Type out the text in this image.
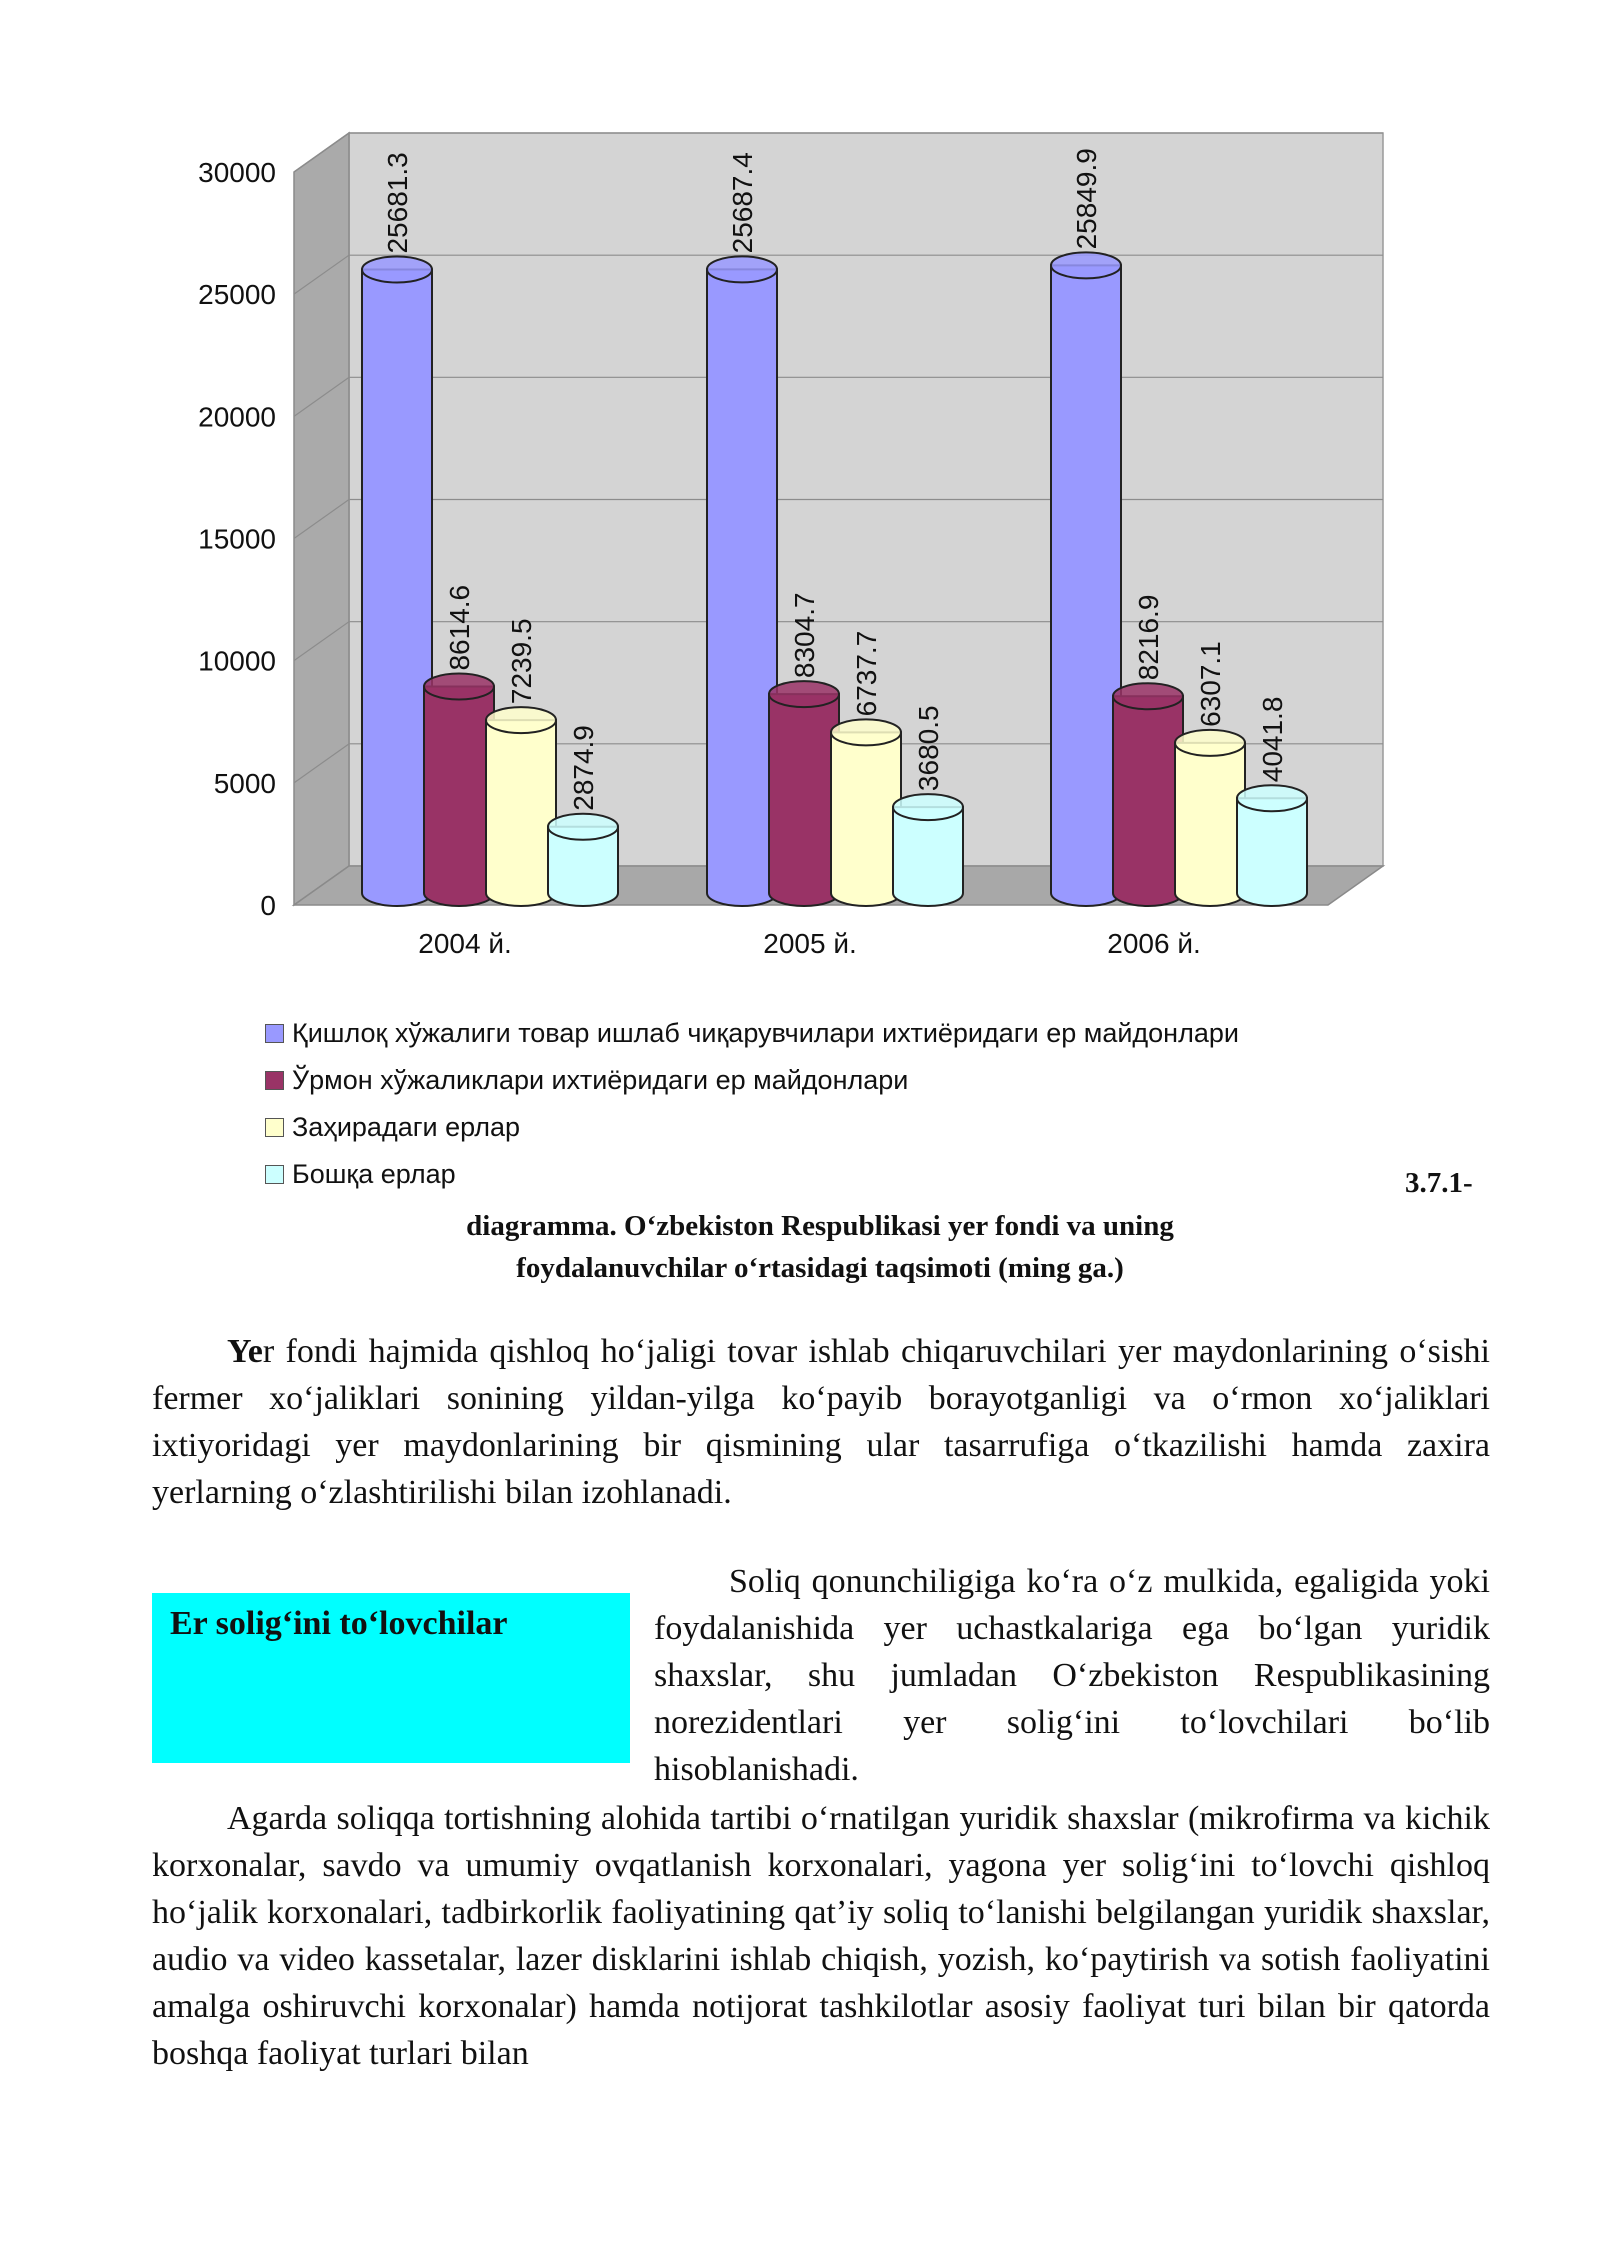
0
5000
10000
15000
20000
25000
30000	25681.3
8614.6 7239.5
2874.9
25687.4
8304.7 6737.7
3680.5
25849.9
8216.9
6307.1
4041.8
2004 й.	2005 й.	2006 й.
Қишлоқ хўжалиги товар ишлаб чиқарувчилари ихтиёридаги ер майдонлари
Ўрмон хўжаликлари ихтиёридаги ер майдонлари
Заҳирадаги ерлар
Бошқа ерлар	3.7.1-
diagramma. O‘zbekiston Respublikasi yer fondi va uning
foydalanuvchilar o‘rtasidagi taqsimoti (ming ga.)

Yer fondi hajmida qishloq ho‘jaligi tovar ishlab chiqaruvchilari yer maydonlarining o‘sishi fermer xo‘jaliklari sonining yildan-yilga ko‘payib borayotganligi va o‘rmon xo‘jaliklari ixtiyoridagi yer maydonlarining bir qismining ular tasarrufiga o‘tkazilishi hamda zaxira yerlarning o‘zlashtirilishi bilan izohlanadi.

Er solig‘ini to‘lovchilar

Soliq qonunchiligiga ko‘ra o‘z mulkida, egaligida yoki foydalanishida yer uchastkalariga ega bo‘lgan yuridik shaxslar, shu jumladan O‘zbekiston Respublikasining norezidentlari yer solig‘ini to‘lovchilari bo‘lib hisoblanishadi.

Agarda soliqqa tortishning alohida tartibi o‘rnatilgan yuridik shaxslar (mikrofirma va kichik korxonalar, savdo va umumiy ovqatlanish korxonalari, yagona yer solig‘ini to‘lovchi qishloq ho‘jalik korxonalari, tadbirkorlik faoliyatining qat’iy soliq to‘lanishi belgilangan yuridik shaxslar, audio va video kassetalar, lazer disklarini ishlab chiqish, yozish, ko‘paytirish va sotish faoliyatini amalga oshiruvchi korxonalar) hamda notijorat tashkilotlar asosiy faoliyat turi bilan bir qatorda boshqa faoliyat turlari bilan
